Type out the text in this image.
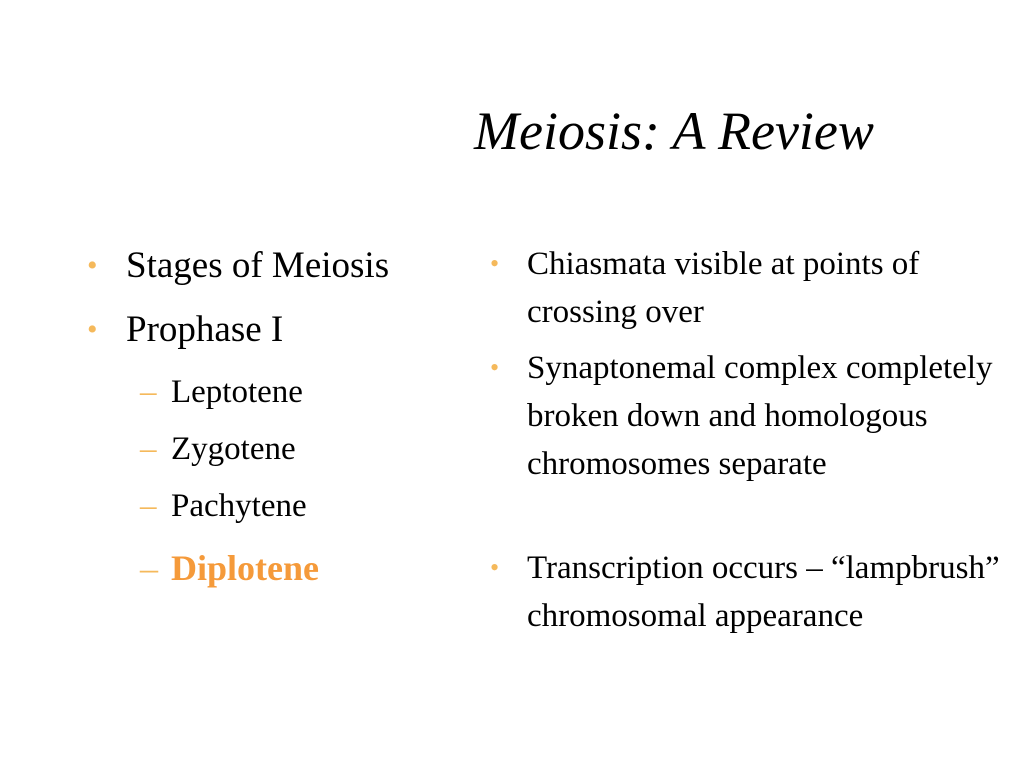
Meiosis: A Review
• Stages of Meiosis
• Prophase I
– Leptotene
– Zygotene
– Pachytene
– Diplotene
• Chiasmata visible at points of crossing over
• Synaptonemal complex completely broken down and homologous chromosomes separate
• Transcription occurs – “lampbrush” chromosomal appearance
